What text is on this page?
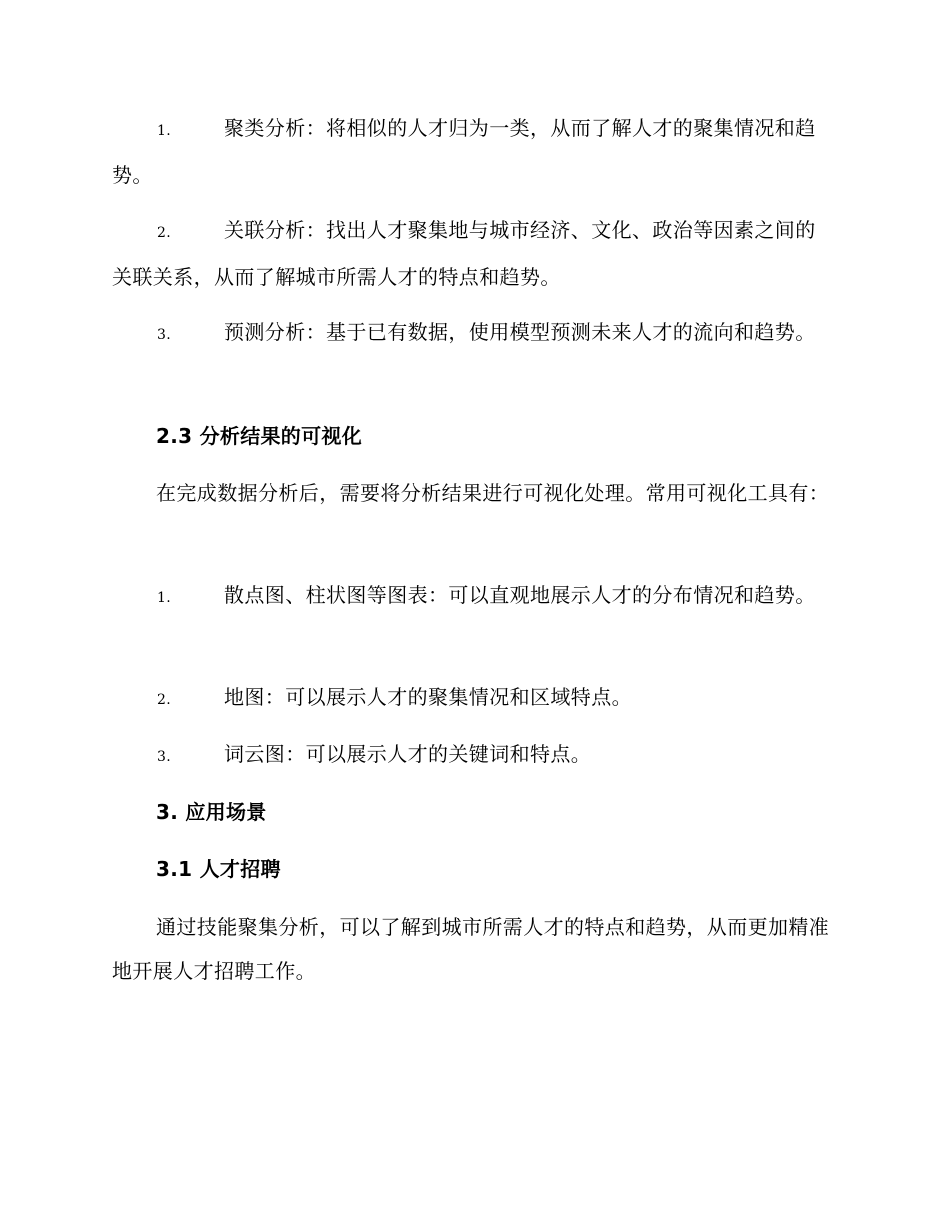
1.	聚类分析：将相似的人才归为一类，从而了解人才的聚集情况和趋势。
2.	关联分析：找出人才聚集地与城市经济、文化、政治等因素之间的关联关系，从而了解城市所需人才的特点和趋势。
3.	预测分析：基于已有数据，使用模型预测未来人才的流向和趋势。
2.3 分析结果的可视化
在完成数据分析后，需要将分析结果进行可视化处理。常用可视化工具有：
1.	散点图、柱状图等图表：可以直观地展示人才的分布情况和趋势。
2.	地图：可以展示人才的聚集情况和区域特点。
3.	词云图：可以展示人才的关键词和特点。
3. 应用场景
3.1 人才招聘
通过技能聚集分析，可以了解到城市所需人才的特点和趋势，从而更加精准地开展人才招聘工作。
